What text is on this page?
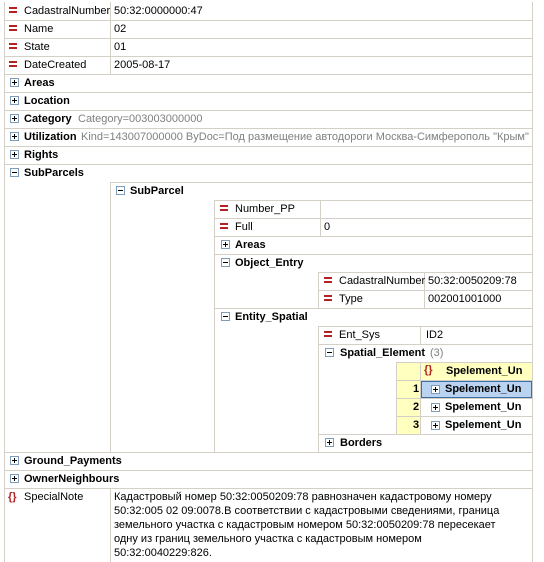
CadastralNumber 50:32:0000000:47
Name	02
State	01
DateCreated	2005-08-17
Areas
Location
Category Category=003003000000
Utilization Kind=143007000000 ByDoc=Под размещение автодороги Москва-Симферополь "Крым"
Rights
SubParcels
SubParcel
Number_PP
Full	0
Areas
Object_Entry
CadastralNumber 50:32:0050209:78
Type	002001001000
Entity_Spatial
Ent_Sys	ID2
Spatial_Element (3)
{} Spelement_Un
1 Spelement_Un
2 Spelement_Un
3 Spelement_Un
Borders
Ground_Payments
OwnerNeighbours
{} SpecialNote	Кадастровый номер 50:32:0050209:78 равнозначен кадастровому номеру
50:32:005 02 09:0078.В соответствии с кадастровыми сведениями, граница
земельного участка с кадастровым номером 50:32:0050209:78 пересекает
одну из границ земельного участка с кадастровым номером
50:32:0040229:826.
